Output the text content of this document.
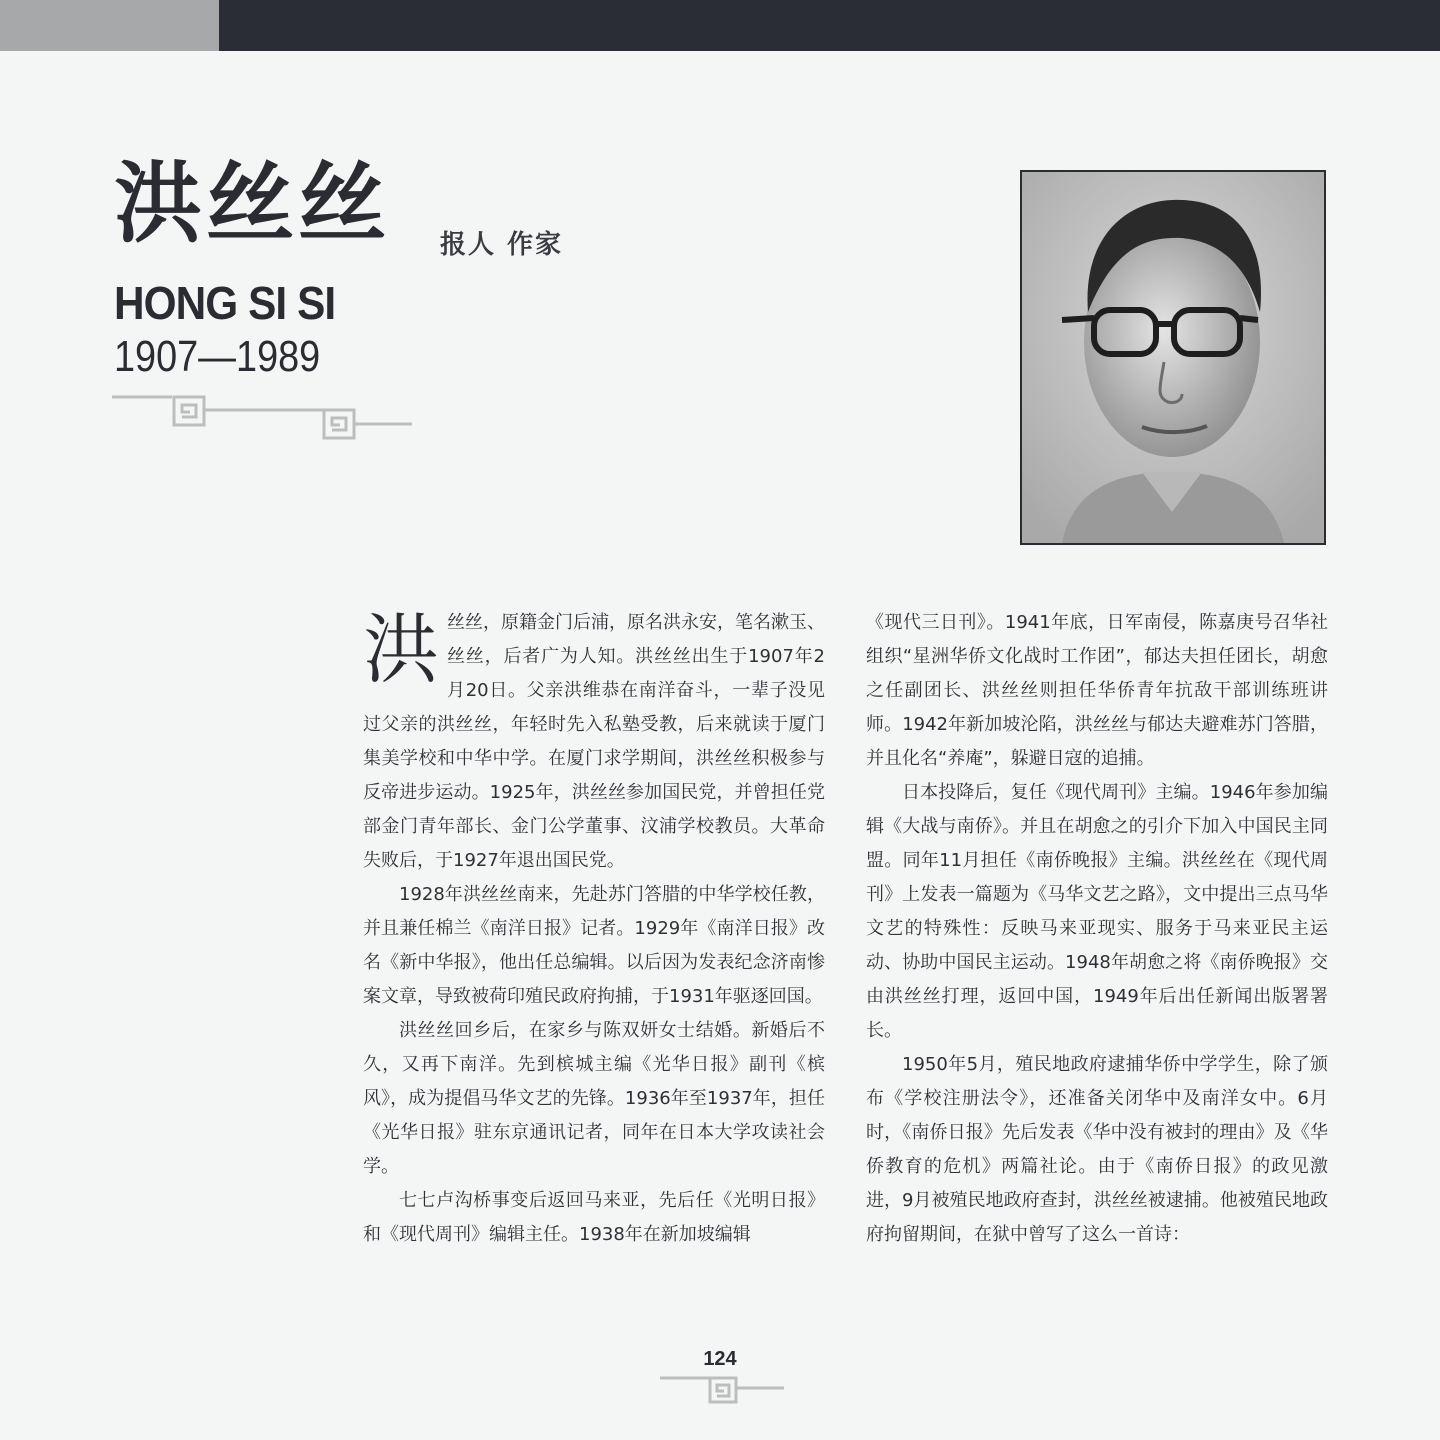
洪丝丝 报人 作家
HONG SI SI
1907—1989

洪丝丝，原籍金门后浦，原名洪永安，笔名漱玉、丝丝，后者广为人知。洪丝丝出生于1907年2月20日。父亲洪维恭在南洋奋斗，一辈子没见过父亲的洪丝丝，年轻时先入私塾受教，后来就读于厦门集美学校和中华中学。在厦门求学期间，洪丝丝积极参与反帝进步运动。1925年，洪丝丝参加国民党，并曾担任党部金门青年部长、金门公学董事、汶浦学校教员。大革命失败后，于1927年退出国民党。

1928年洪丝丝南来，先赴苏门答腊的中华学校任教，并且兼任棉兰《南洋日报》记者。1929年《南洋日报》改名《新中华报》，他出任总编辑。以后因为发表纪念济南惨案文章，导致被荷印殖民政府拘捕，于1931年驱逐回国。

洪丝丝回乡后，在家乡与陈双妍女士结婚。新婚后不久，又再下南洋。先到槟城主编《光华日报》副刊《槟风》，成为提倡马华文艺的先锋。1936年至1937年，担任《光华日报》驻东京通讯记者，同年在日本大学攻读社会学。

七七卢沟桥事变后返回马来亚，先后任《光明日报》和《现代周刊》编辑主任。1938年在新加坡编辑

《现代三日刊》。1941年底，日军南侵，陈嘉庚号召华社组织“星洲华侨文化战时工作团”，郁达夫担任团长，胡愈之任副团长、洪丝丝则担任华侨青年抗敌干部训练班讲师。1942年新加坡沦陷，洪丝丝与郁达夫避难苏门答腊，并且化名“养庵”，躲避日寇的追捕。

日本投降后，复任《现代周刊》主编。1946年参加编辑《大战与南侨》。并且在胡愈之的引介下加入中国民主同盟。同年11月担任《南侨晚报》主编。洪丝丝在《现代周刊》上发表一篇题为《马华文艺之路》，文中提出三点马华文艺的特殊性：反映马来亚现实、服务于马来亚民主运动、协助中国民主运动。1948年胡愈之将《南侨晚报》交由洪丝丝打理，返回中国，1949年后出任新闻出版署署长。

1950年5月，殖民地政府逮捕华侨中学学生，除了颁布《学校注册法令》，还准备关闭华中及南洋女中。6月时，《南侨日报》先后发表《华中没有被封的理由》及《华侨教育的危机》两篇社论。由于《南侨日报》的政见激进，9月被殖民地政府查封，洪丝丝被逮捕。他被殖民地政府拘留期间，在狱中曾写了这么一首诗：

124
